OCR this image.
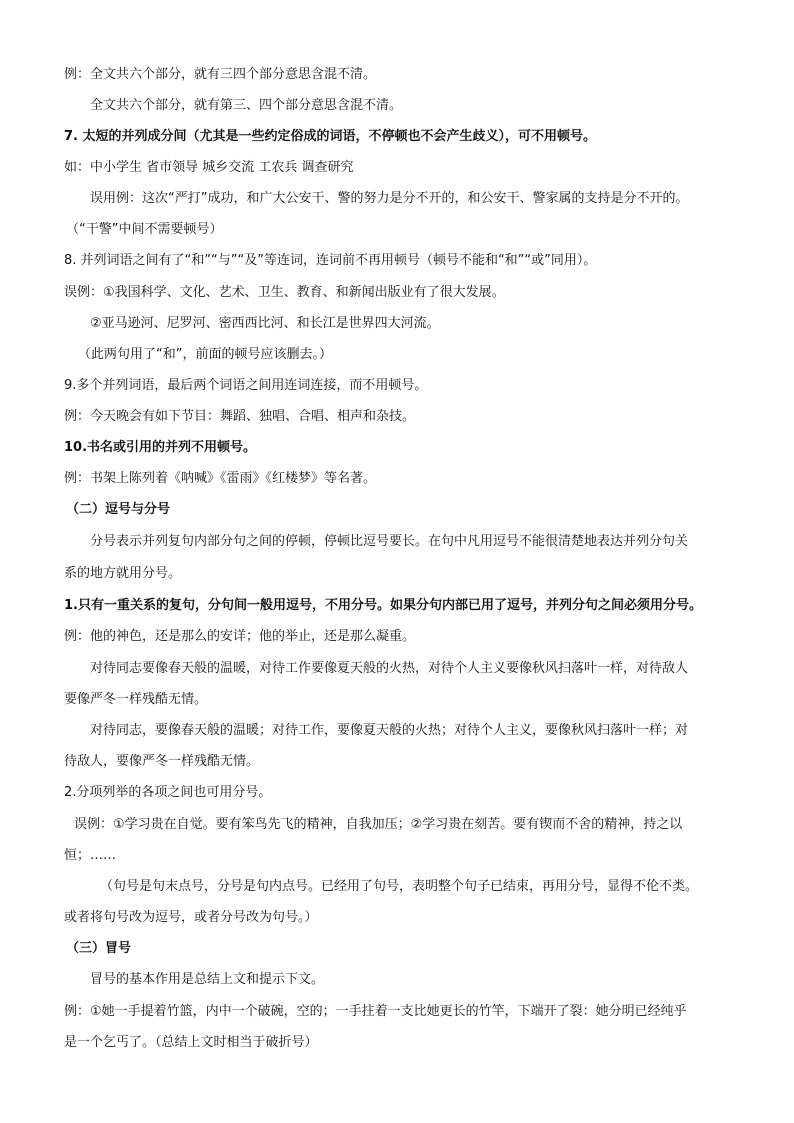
例：全文共六个部分，就有三四个部分意思含混不清。
全文共六个部分，就有第三、四个部分意思含混不清。
7. 太短的并列成分间（尤其是一些约定俗成的词语，不停顿也不会产生歧义），可不用顿号。
如：中小学生 省市领导 城乡交流 工农兵 调查研究
误用例：这次“严打”成功，和广大公安干、警的努力是分不开的，和公安干、警家属的支持是分不开的。
（“干警”中间不需要顿号）
8. 并列词语之间有了“和”“与”“及”等连词，连词前不再用顿号（顿号不能和“和”“或”同用）。
误例：①我国科学、文化、艺术、卫生、教育、和新闻出版业有了很大发展。
②亚马逊河、尼罗河、密西西比河、和长江是世界四大河流。
（此两句用了“和”，前面的顿号应该删去。）
9.多个并列词语，最后两个词语之间用连词连接，而不用顿号。
例：今天晚会有如下节目：舞蹈、独唱、合唱、相声和杂技。
10.书名或引用的并列不用顿号。
例：书架上陈列着《呐喊》《雷雨》《红楼梦》等名著。
（二）逗号与分号
分号表示并列复句内部分句之间的停顿，停顿比逗号要长。在句中凡用逗号不能很清楚地表达并列分句关
系的地方就用分号。
1.只有一重关系的复句，分句间一般用逗号，不用分号。如果分句内部已用了逗号，并列分句之间必须用分号。
例：他的神色，还是那么的安详；他的举止，还是那么凝重。
对待同志要像春天般的温暖，对待工作要像夏天般的火热，对待个人主义要像秋风扫落叶一样，对待敌人
要像严冬一样残酷无情。
对待同志，要像春天般的温暖；对待工作，要像夏天般的火热；对待个人主义，要像秋风扫落叶一样；对
待敌人，要像严冬一样残酷无情。
2.分项列举的各项之间也可用分号。
误例：①学习贵在自觉。要有笨鸟先飞的精神，自我加压；②学习贵在刻苦。要有锲而不舍的精神，持之以
恒；……
（句号是句末点号，分号是句内点号。已经用了句号，表明整个句子已结束，再用分号，显得不伦不类。
或者将句号改为逗号，或者分号改为句号。）
（三）冒号
冒号的基本作用是总结上文和提示下文。
例：①她一手提着竹篮，内中一个破碗，空的；一手拄着一支比她更长的竹竿，下端开了裂：她分明已经纯乎
是一个乞丐了。（总结上文时相当于破折号）
